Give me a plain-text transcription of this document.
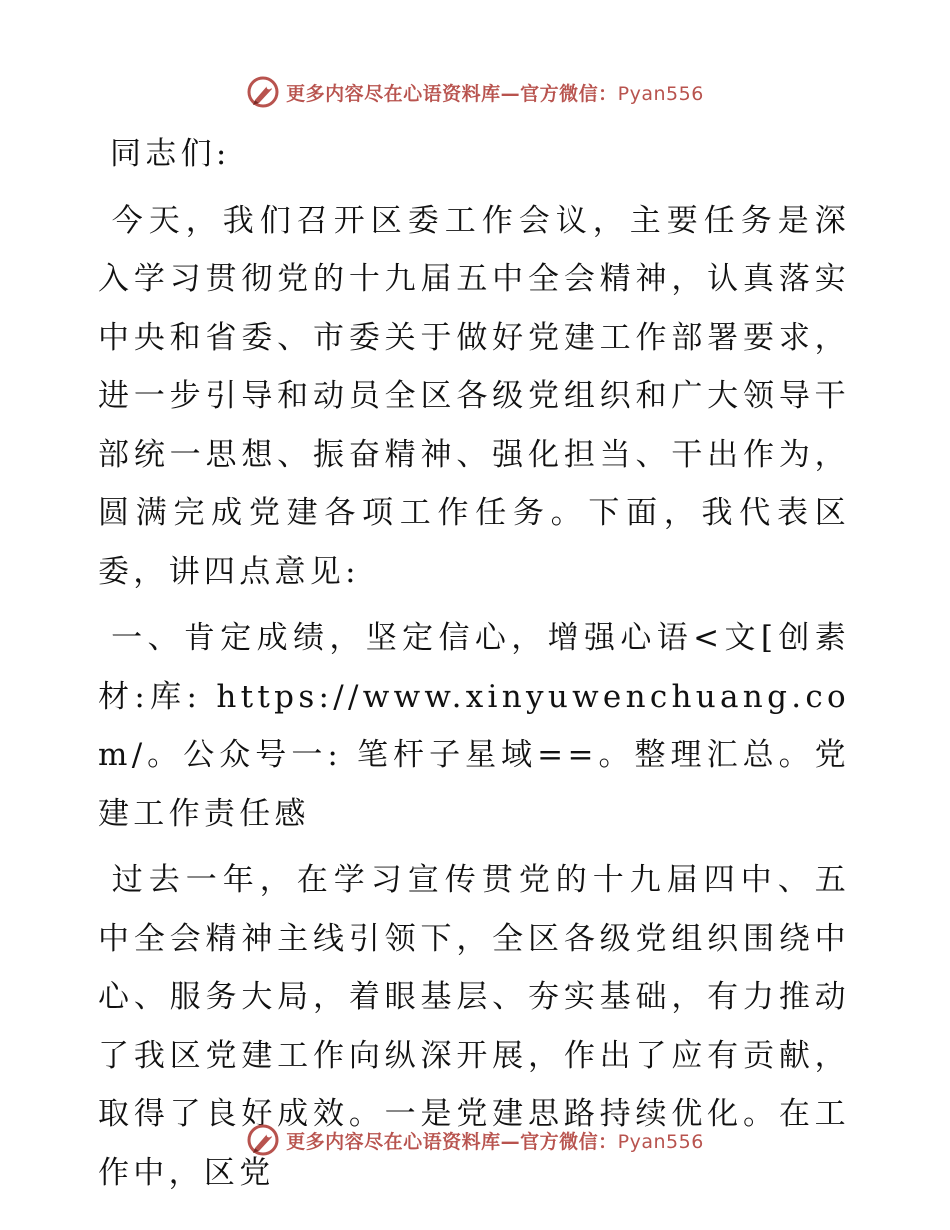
更多内容尽在心语资料库—官方微信：Pyan556

同志们:

今天，我们召开区委工作会议，主要任务是深入学习贯彻党的十九届五中全会精神，认真落实中央和省委、市委关于做好党建工作部署要求，进一步引导和动员全区各级党组织和广大领导干部统一思想、振奋精神、强化担当、干出作为，圆满完成党建各项工作任务。下面，我代表区委，讲四点意见:

一、肯定成绩，坚定信心，增强心语<文[创素材:库: https://www.xinyuwenchuang.com/。公众号一: 笔杆子星域==。整理汇总。党建工作责任感

过去一年，在学习宣传贯党的十九届四中、五中全会精神主线引领下，全区各级党组织围绕中心、服务大局，着眼基层、夯实基础，有力推动了我区党建工作向纵深开展，作出了应有贡献，取得了良好成效。一是党建思路持续优化。在工作中，区党

更多内容尽在心语资料库—官方微信：Pyan556
